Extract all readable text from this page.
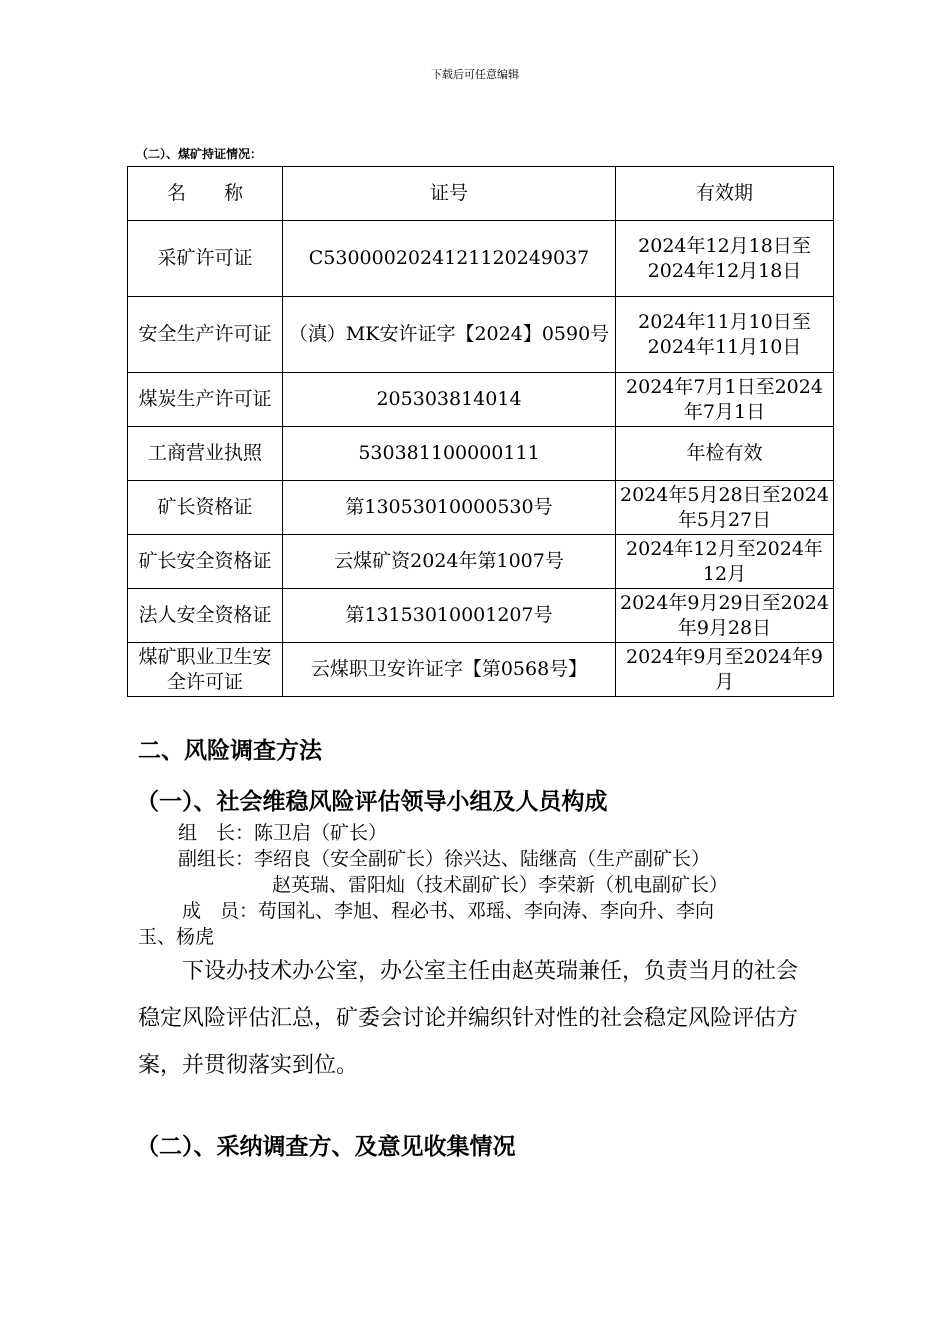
下载后可任意编辑
（二）、煤矿持证情况：
名　　称	证号	有效期
采矿许可证	C5300002024121120249037	2024年12月18日至2024年12月18日
安全生产许可证	（滇）MK安许证字【2024】0590号	2024年11月10日至2024年11月10日
煤炭生产许可证	205303814014	2024年7月1日至2024年7月1日
工商营业执照	530381100000111	年检有效
矿长资格证	第13053010000530号	2024年5月28日至2024年5月27日
矿长安全资格证	云煤矿资2024年第1007号	2024年12月至2024年12月
法人安全资格证	第13153010001207号	2024年9月29日至2024年9月28日
煤矿职业卫生安全许可证	云煤职卫安许证字【第0568号】	2024年9月至2024年9月
二、风险调查方法
（一）、社会维稳风险评估领导小组及人员构成
组　长：陈卫启（矿长）
副组长：李绍良（安全副矿长）徐兴达、陆继高（生产副矿长）
赵英瑞、雷阳灿（技术副矿长）李荣新（机电副矿长）
成　员：苟国礼、李旭、程必书、邓瑶、李向涛、李向升、李向
玉、杨虎
下设办技术办公室，办公室主任由赵英瑞兼任，负责当月的社会稳定风险评估汇总，矿委会讨论并编织针对性的社会稳定风险评估方案，并贯彻落实到位。
（二）、采纳调查方、及意见收集情况
